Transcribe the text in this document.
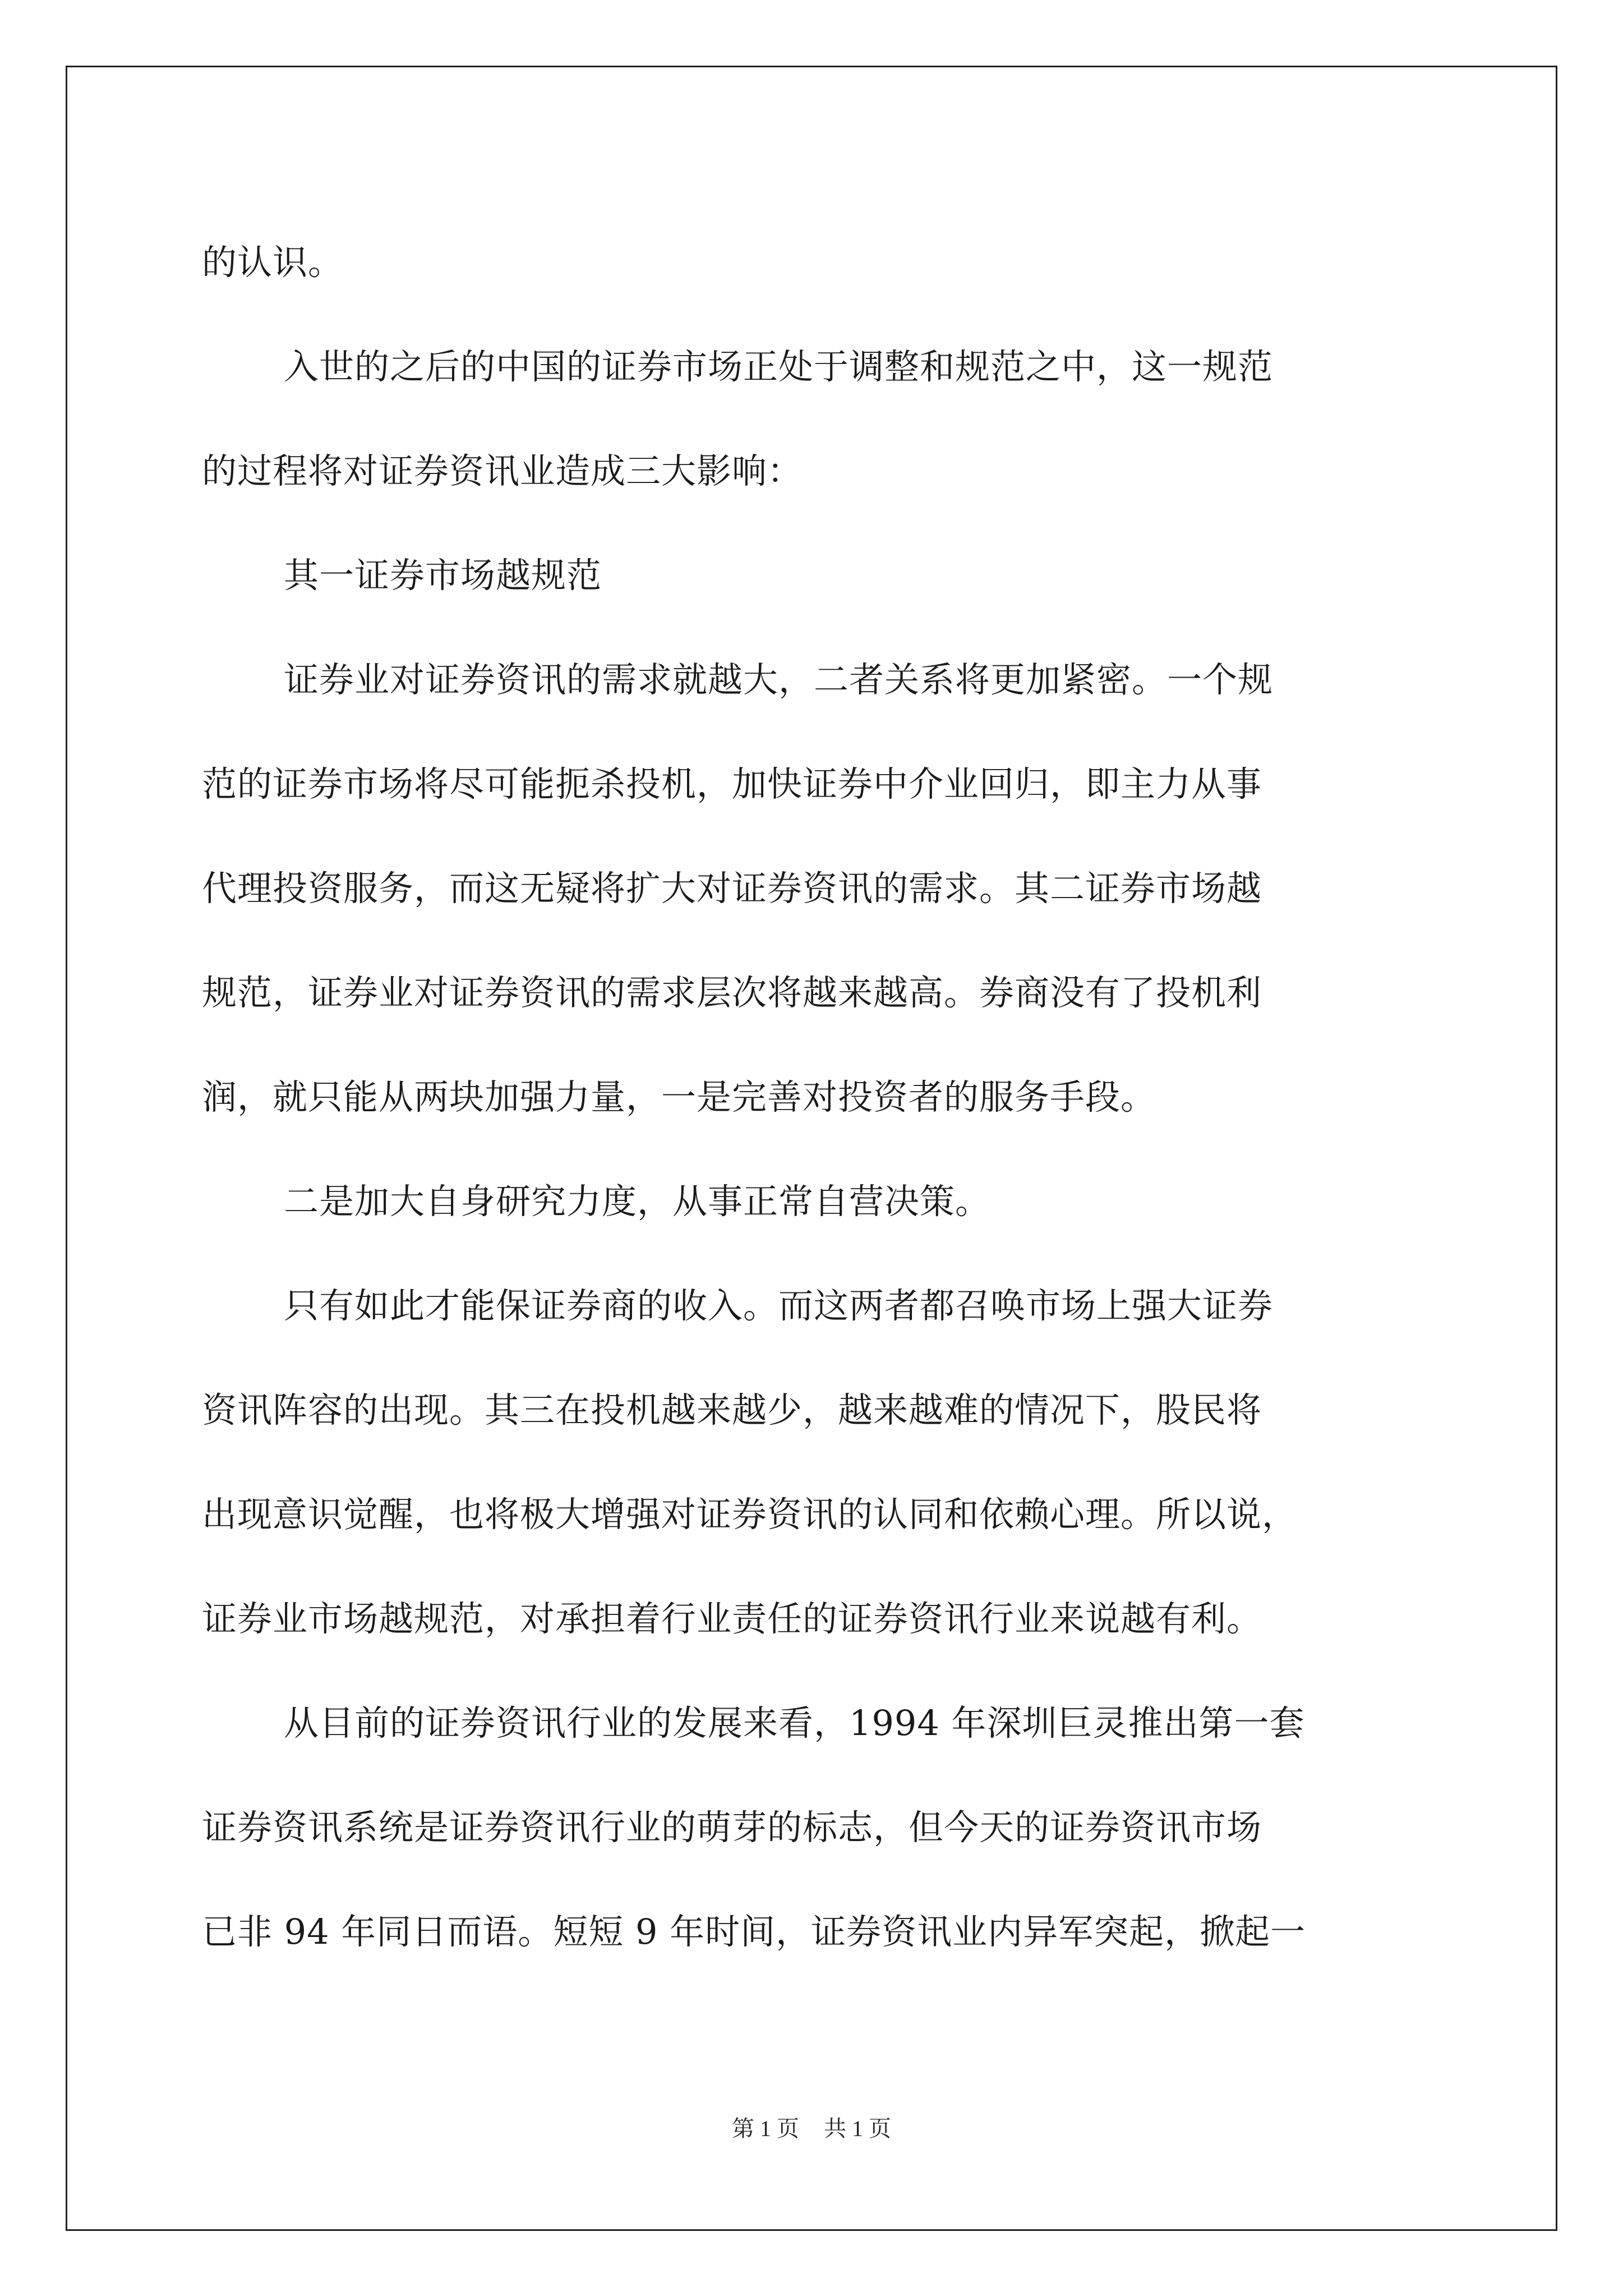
的认识。
入世的之后的中国的证券市场正处于调整和规范之中，这一规范
的过程将对证券资讯业造成三大影响：
其一证券市场越规范
证券业对证券资讯的需求就越大，二者关系将更加紧密。一个规
范的证券市场将尽可能扼杀投机，加快证券中介业回归，即主力从事
代理投资服务，而这无疑将扩大对证券资讯的需求。其二证券市场越
规范，证券业对证券资讯的需求层次将越来越高。券商没有了投机利
润，就只能从两块加强力量，一是完善对投资者的服务手段。
二是加大自身研究力度，从事正常自营决策。
只有如此才能保证券商的收入。而这两者都召唤市场上强大证券
资讯阵容的出现。其三在投机越来越少，越来越难的情况下，股民将
出现意识觉醒，也将极大增强对证券资讯的认同和依赖心理。所以说，
证券业市场越规范，对承担着行业责任的证券资讯行业来说越有利。
从目前的证券资讯行业的发展来看，1994 年深圳巨灵推出第一套
证券资讯系统是证券资讯行业的萌芽的标志，但今天的证券资讯市场
已非 94 年同日而语。短短 9 年时间，证券资讯业内异军突起，掀起一
第 1 页 共 1 页
